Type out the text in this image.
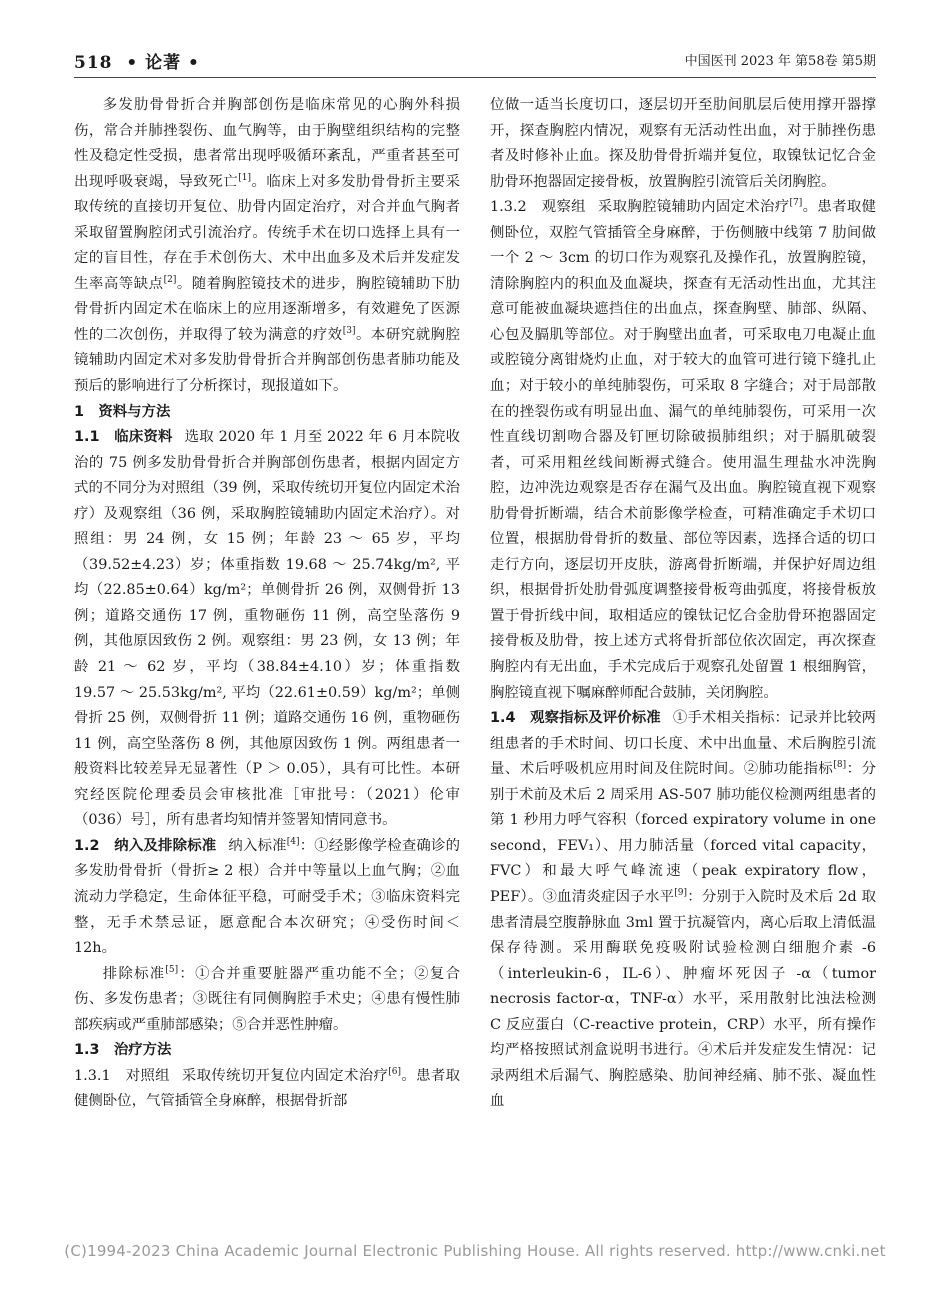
518 • 论著 •	中国医刊 2023 年 第58卷 第5期

多发肋骨骨折合并胸部创伤是临床常见的心胸外科损伤，常合并肺挫裂伤、血气胸等，由于胸壁组织结构的完整性及稳定性受损，患者常出现呼吸循环紊乱，严重者甚至可出现呼吸衰竭，导致死亡[1]。临床上对多发肋骨骨折主要采取传统的直接切开复位、肋骨内固定治疗，对合并血气胸者采取留置胸腔闭式引流治疗。传统手术在切口选择上具有一定的盲目性，存在手术创伤大、术中出血多及术后并发症发生率高等缺点[2]。随着胸腔镜技术的进步，胸腔镜辅助下肋骨骨折内固定术在临床上的应用逐渐增多，有效避免了医源性的二次创伤，并取得了较为满意的疗效[3]。本研究就胸腔镜辅助内固定术对多发肋骨骨折合并胸部创伤患者肺功能及预后的影响进行了分析探讨，现报道如下。

1　资料与方法

1.1　临床资料 选取 2020 年 1 月至 2022 年 6 月本院收治的 75 例多发肋骨骨折合并胸部创伤患者，根据内固定方式的不同分为对照组（39 例，采取传统切开复位内固定术治疗）及观察组（36 例，采取胸腔镜辅助内固定术治疗）。对照组：男 24 例，女 15 例；年龄 23 ～ 65 岁，平均（39.52±4.23）岁；体重指数 19.68 ～ 25.74kg/m², 平均（22.85±0.64）kg/m²；单侧骨折 26 例，双侧骨折 13 例；道路交通伤 17 例，重物砸伤 11 例，高空坠落伤 9 例，其他原因致伤 2 例。观察组：男 23 例，女 13 例；年龄 21 ～ 62 岁，平均（38.84±4.10）岁；体重指数 19.57 ～ 25.53kg/m², 平均（22.61±0.59）kg/m²；单侧骨折 25 例，双侧骨折 11 例；道路交通伤 16 例，重物砸伤 11 例，高空坠落伤 8 例，其他原因致伤 1 例。两组患者一般资料比较差异无显著性（P ＞ 0.05），具有可比性。本研究经医院伦理委员会审核批准［审批号：（2021）伦审（036）号］，所有患者均知情并签署知情同意书。

1.2　纳入及排除标准 纳入标准[4]：①经影像学检查确诊的多发肋骨骨折（骨折≥ 2 根）合并中等量以上血气胸；②血流动力学稳定，生命体征平稳，可耐受手术；③临床资料完整，无手术禁忌证，愿意配合本次研究；④受伤时间＜ 12h。

排除标准[5]：①合并重要脏器严重功能不全；②复合伤、多发伤患者；③既往有同侧胸腔手术史；④患有慢性肺部疾病或严重肺部感染；⑤合并恶性肿瘤。

1.3　治疗方法

1.3.1　对照组 采取传统切开复位内固定术治疗[6]。患者取健侧卧位，气管插管全身麻醉，根据骨折部

位做一适当长度切口，逐层切开至肋间肌层后使用撑开器撑开，探查胸腔内情况，观察有无活动性出血，对于肺挫伤患者及时修补止血。探及肋骨骨折端并复位，取镍钛记忆合金肋骨环抱器固定接骨板，放置胸腔引流管后关闭胸腔。

1.3.2　观察组 采取胸腔镜辅助内固定术治疗[7]。患者取健侧卧位，双腔气管插管全身麻醉，于伤侧腋中线第 7 肋间做一个 2 ～ 3cm 的切口作为观察孔及操作孔，放置胸腔镜，清除胸腔内的积血及血凝块，探查有无活动性出血，尤其注意可能被血凝块遮挡住的出血点，探查胸壁、肺部、纵隔、心包及膈肌等部位。对于胸壁出血者，可采取电刀电凝止血或腔镜分离钳烧灼止血，对于较大的血管可进行镜下缝扎止血；对于较小的单纯肺裂伤，可采取 8 字缝合；对于局部散在的挫裂伤或有明显出血、漏气的单纯肺裂伤，可采用一次性直线切割吻合器及钉匣切除破损肺组织；对于膈肌破裂者，可采用粗丝线间断褥式缝合。使用温生理盐水冲洗胸腔，边冲洗边观察是否存在漏气及出血。胸腔镜直视下观察肋骨骨折断端，结合术前影像学检查，可精准确定手术切口位置，根据肋骨骨折的数量、部位等因素，选择合适的切口走行方向，逐层切开皮肤，游离骨折断端，并保护好周边组织，根据骨折处肋骨弧度调整接骨板弯曲弧度，将接骨板放置于骨折线中间，取相适应的镍钛记忆合金肋骨环抱器固定接骨板及肋骨，按上述方式将骨折部位依次固定，再次探查胸腔内有无出血，手术完成后于观察孔处留置 1 根细胸管，胸腔镜直视下嘱麻醉师配合鼓肺，关闭胸腔。

1.4　观察指标及评价标准 ①手术相关指标：记录并比较两组患者的手术时间、切口长度、术中出血量、术后胸腔引流量、术后呼吸机应用时间及住院时间。②肺功能指标[8]：分别于术前及术后 2 周采用 AS-507 肺功能仪检测两组患者的第 1 秒用力呼气容积（forced expiratory volume in one second，FEV₁）、用力肺活量（forced vital capacity，FVC）和最大呼气峰流速（peak expiratory flow，PEF）。③血清炎症因子水平[9]：分别于入院时及术后 2d 取患者清晨空腹静脉血 3ml 置于抗凝管内，离心后取上清低温保存待测。采用酶联免疫吸附试验检测白细胞介素 -6（interleukin-6，IL-6）、肿瘤坏死因子 -α（tumor necrosis factor-α，TNF-α）水平，采用散射比浊法检测 C 反应蛋白（C-reactive protein，CRP）水平，所有操作均严格按照试剂盒说明书进行。④术后并发症发生情况：记录两组术后漏气、胸腔感染、肋间神经痛、肺不张、凝血性血

(C)1994-2023 China Academic Journal Electronic Publishing House. All rights reserved. http://www.cnki.net
